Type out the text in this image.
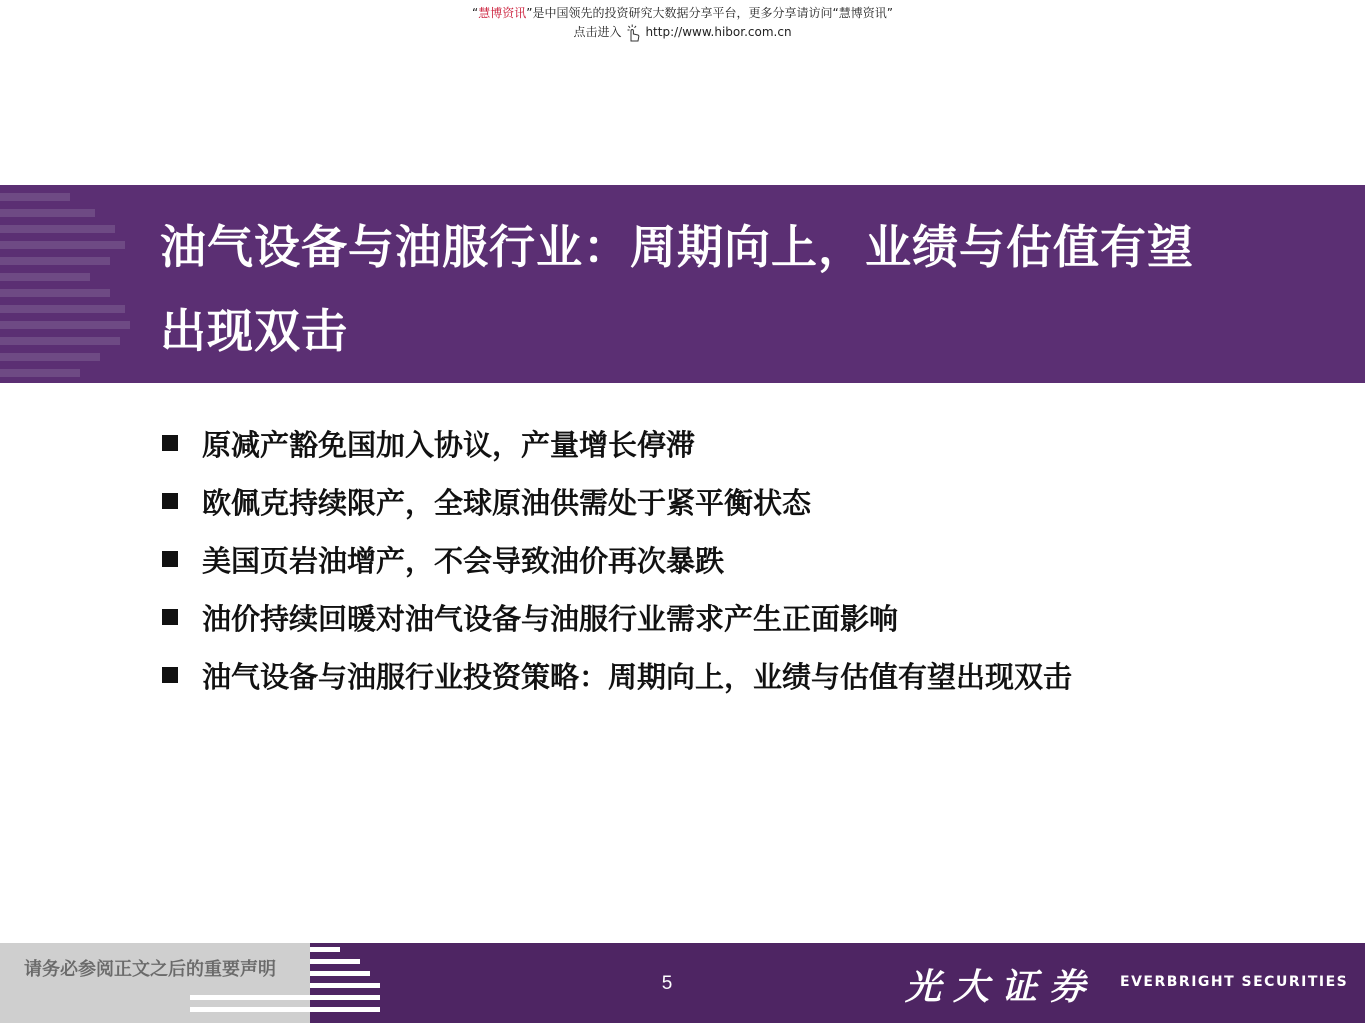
“慧博资讯”是中国领先的投资研究大数据分享平台，更多分享请访问“慧博资讯”
点击进入 http://www.hibor.com.cn
油气设备与油服行业：周期向上，业绩与估值有望出现双击
原减产豁免国加入协议，产量增长停滞
欧佩克持续限产，全球原油供需处于紧平衡状态
美国页岩油增产，不会导致油价再次暴跌
油价持续回暖对油气设备与油服行业需求产生正面影响
油气设备与油服行业投资策略：周期向上，业绩与估值有望出现双击
请务必参阅正文之后的重要声明
5	光大证券 EVERBRIGHT SECURITIES
